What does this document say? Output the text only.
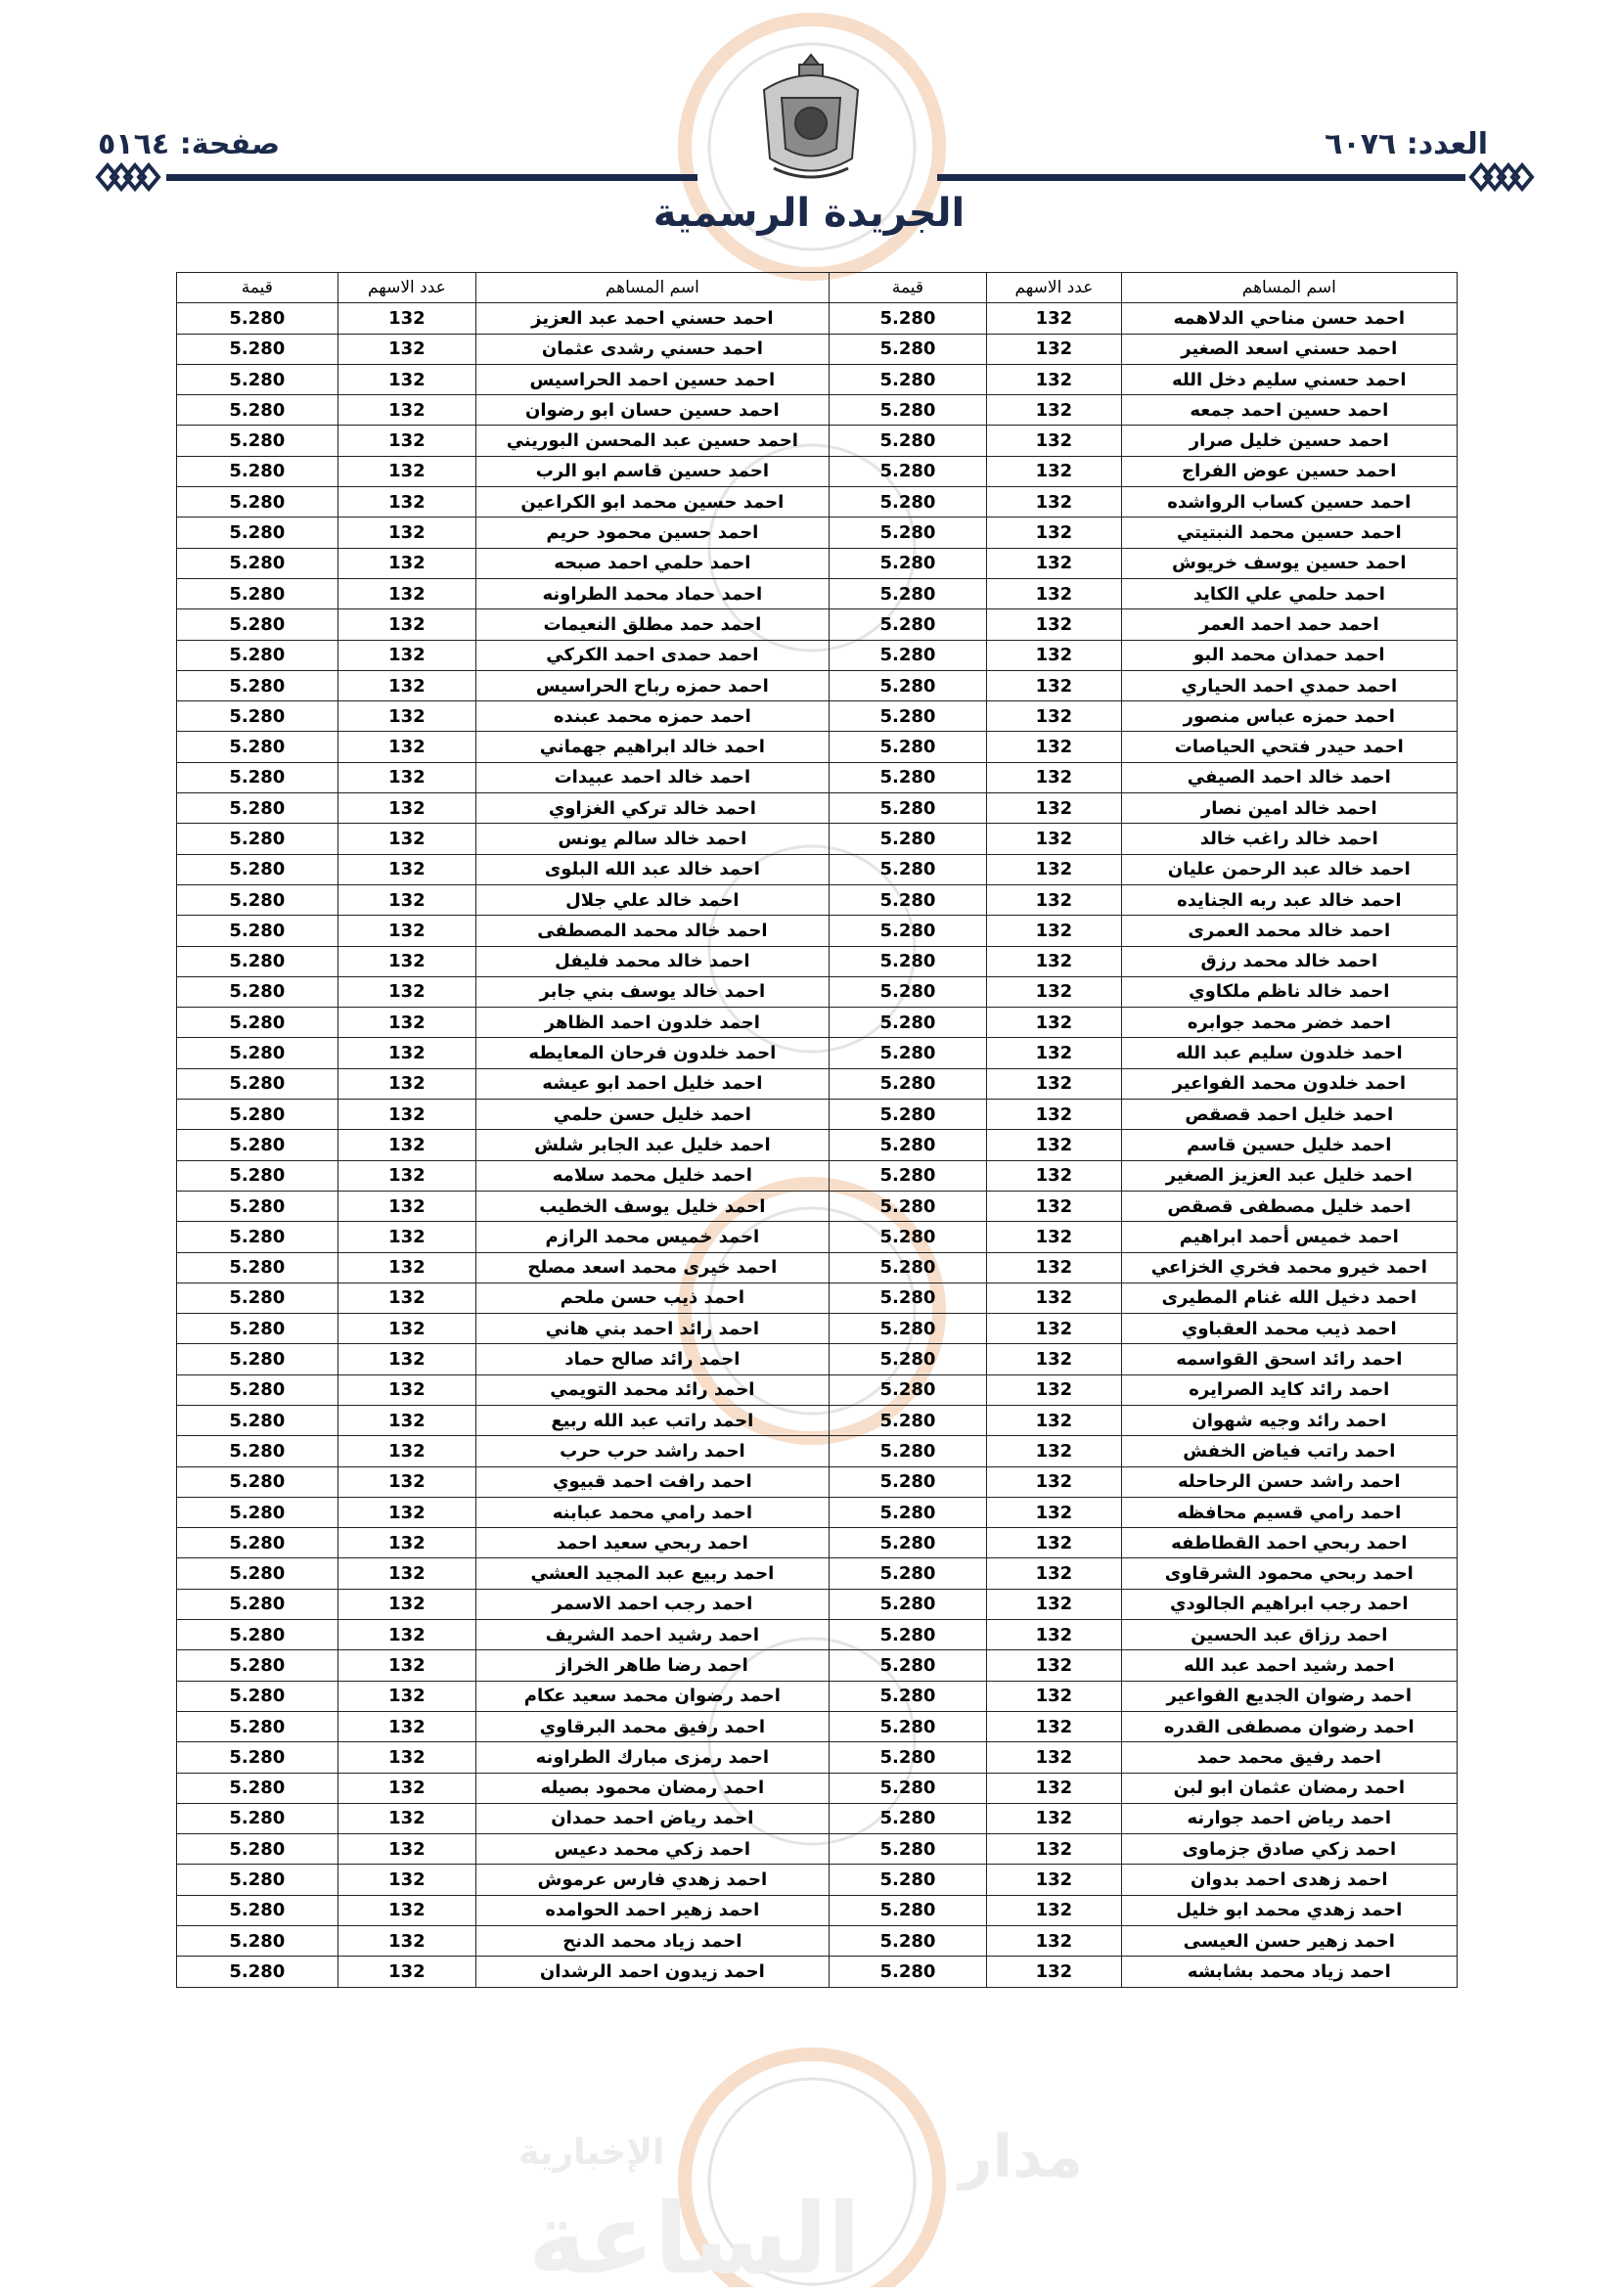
مدار
الإخبارية
الساعة
العدد: ٦٠٧٦
صفحة: ٥١٦٤
الجريدة الرسمية
اسم المساهم	عدد الاسهم	قيمة	اسم المساهم	عدد الاسهم	قيمة
احمد حسن مناحي الدلاهمه	132	5.280	احمد حسني احمد عبد العزيز	132	5.280
احمد حسني اسعد الصغير	132	5.280	احمد حسني رشدى عثمان	132	5.280
احمد حسني سليم دخل الله	132	5.280	احمد حسين احمد الحراسيس	132	5.280
احمد حسين احمد جمعه	132	5.280	احمد حسين حسان ابو رضوان	132	5.280
احمد حسين خليل صرار	132	5.280	احمد حسين عبد المحسن البوريني	132	5.280
احمد حسين عوض الفراج	132	5.280	احمد حسين قاسم ابو الرب	132	5.280
احمد حسين كساب الرواشده	132	5.280	احمد حسين محمد ابو الكراعين	132	5.280
احمد حسين محمد النبتيتي	132	5.280	احمد حسين محمود حريم	132	5.280
احمد حسين يوسف خريوش	132	5.280	احمد حلمي احمد صبحه	132	5.280
احمد حلمي علي الكايد	132	5.280	احمد حماد محمد الطراونه	132	5.280
احمد حمد احمد العمر	132	5.280	احمد حمد مطلق النعيمات	132	5.280
احمد حمدان محمد البو	132	5.280	احمد حمدى احمد الكركي	132	5.280
احمد حمدي احمد الحياري	132	5.280	احمد حمزه رباح الحراسيس	132	5.280
احمد حمزه عباس منصور	132	5.280	احمد حمزه محمد عبنده	132	5.280
احمد حيدر فتحي الحياصات	132	5.280	احمد خالد ابراهيم جهماني	132	5.280
احمد خالد احمد الصيفي	132	5.280	احمد خالد احمد عبيدات	132	5.280
احمد خالد امين نصار	132	5.280	احمد خالد تركي الغزاوي	132	5.280
احمد خالد راغب خالد	132	5.280	احمد خالد سالم يونس	132	5.280
احمد خالد عبد الرحمن عليان	132	5.280	احمد خالد عبد الله البلوى	132	5.280
احمد خالد عبد ربه الجنايده	132	5.280	احمد خالد علي جلال	132	5.280
احمد خالد محمد العمرى	132	5.280	احمد خالد محمد المصطفى	132	5.280
احمد خالد محمد رزق	132	5.280	احمد خالد محمد فليفل	132	5.280
احمد خالد ناظم ملكاوي	132	5.280	احمد خالد يوسف بني جابر	132	5.280
احمد خضر محمد جوابره	132	5.280	احمد خلدون احمد الظاهر	132	5.280
احمد خلدون سليم عبد الله	132	5.280	احمد خلدون فرحان المعايطه	132	5.280
احمد خلدون محمد الفواعير	132	5.280	احمد خليل احمد ابو عيشه	132	5.280
احمد خليل احمد قصقص	132	5.280	احمد خليل حسن حلمي	132	5.280
احمد خليل حسين قاسم	132	5.280	احمد خليل عبد الجابر شلش	132	5.280
احمد خليل عبد العزيز الصغير	132	5.280	احمد خليل محمد سلامه	132	5.280
احمد خليل مصطفى قصقص	132	5.280	احمد خليل يوسف الخطيب	132	5.280
احمد خميس أحمد ابراهيم	132	5.280	احمد خميس محمد الرازم	132	5.280
احمد خيرو محمد فخري الخزاعي	132	5.280	احمد خيرى محمد اسعد مصلح	132	5.280
احمد دخيل الله غنام المطيرى	132	5.280	احمد ذيب حسن ملحم	132	5.280
احمد ذيب محمد العقباوي	132	5.280	احمد رائد احمد بني هاني	132	5.280
احمد رائد اسحق القواسمه	132	5.280	احمد رائد صالح حماد	132	5.280
احمد رائد كايد الصرايره	132	5.280	احمد رائد محمد التويمي	132	5.280
احمد رائد وجيه شهوان	132	5.280	احمد راتب عبد الله ربيع	132	5.280
احمد راتب فياض الخفش	132	5.280	احمد راشد حرب حرب	132	5.280
احمد راشد حسن الرحاحله	132	5.280	احمد رافت احمد قبيوي	132	5.280
احمد رامي قسيم محافظه	132	5.280	احمد رامي محمد عبابنه	132	5.280
احمد ربحي احمد القطاطفه	132	5.280	احمد ربحي سعيد احمد	132	5.280
احمد ربحي محمود الشرقاوى	132	5.280	احمد ربيع عبد المجيد العشي	132	5.280
احمد رجب ابراهيم الجالودي	132	5.280	احمد رجب احمد الاسمر	132	5.280
احمد رزاق عبد الحسين	132	5.280	احمد رشيد احمد الشريف	132	5.280
احمد رشيد احمد عبد الله	132	5.280	احمد رضا طاهر الخراز	132	5.280
احمد رضوان الجديع الفواعير	132	5.280	احمد رضوان محمد سعيد عكام	132	5.280
احمد رضوان مصطفى القدره	132	5.280	احمد رفيق محمد البرقاوي	132	5.280
احمد رفيق محمد حمد	132	5.280	احمد رمزى مبارك الطراونه	132	5.280
احمد رمضان عثمان ابو لبن	132	5.280	احمد رمضان محمود بصيله	132	5.280
احمد رياض احمد جوارنه	132	5.280	احمد رياض احمد حمدان	132	5.280
احمد زكي صادق جزماوى	132	5.280	احمد زكي محمد دعيس	132	5.280
احمد زهدى احمد بدوان	132	5.280	احمد زهدي فارس عرموش	132	5.280
احمد زهدي محمد ابو خليل	132	5.280	احمد زهير احمد الحوامده	132	5.280
احمد زهير حسن العيسى	132	5.280	احمد زياد محمد الدنح	132	5.280
احمد زياد محمد بشابشه	132	5.280	احمد زيدون احمد الرشدان	132	5.280
